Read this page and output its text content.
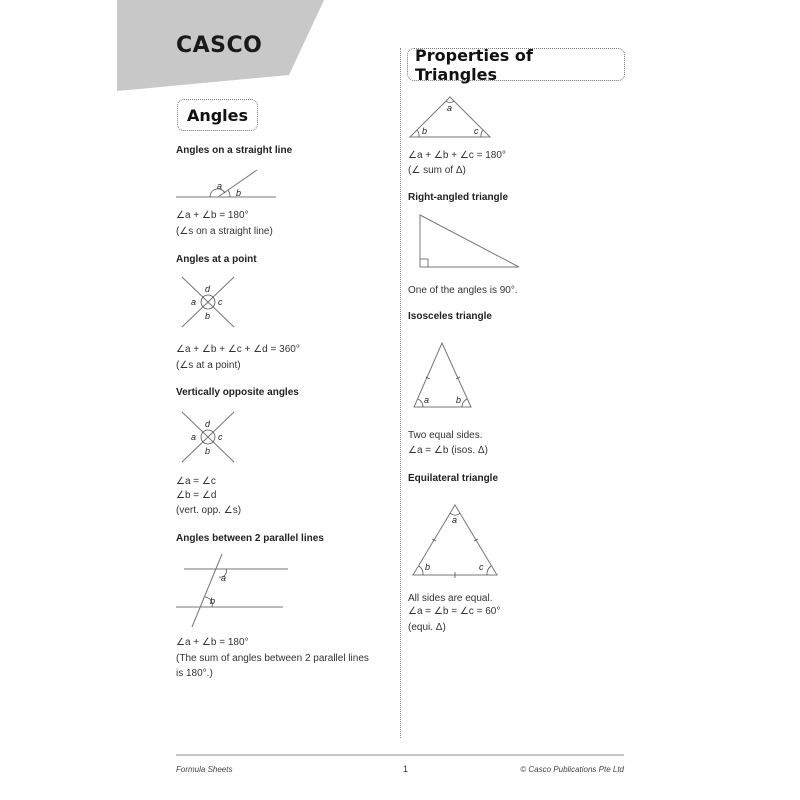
CASCO
Angles
Angles on a straight line
a
b
∠a + ∠b = 180°
(∠s on a straight line)
Angles at a point
d
a c
b
∠a + ∠b + ∠c + ∠d = 360°
(∠s at a point)
Vertically opposite angles
d
a c
b
∠a = ∠c
∠b = ∠d
(vert. opp. ∠s)
Angles between 2 parallel lines
a
b
∠a + ∠b = 180°
(The sum of angles between 2 parallel lines
is 180°.)
Properties of Triangles
a
b	c
∠a + ∠b + ∠c = 180°
(∠ sum of Δ)
Right-angled triangle
One of the angles is 90°.
Isosceles triangle
a	b
Two equal sides.
∠a = ∠b (isos. Δ)
Equilateral triangle
a
b	c
All sides are equal.
∠a = ∠b = ∠c = 60°
(equi. Δ)
Formula Sheets	1	© Casco Publications Pte Ltd
